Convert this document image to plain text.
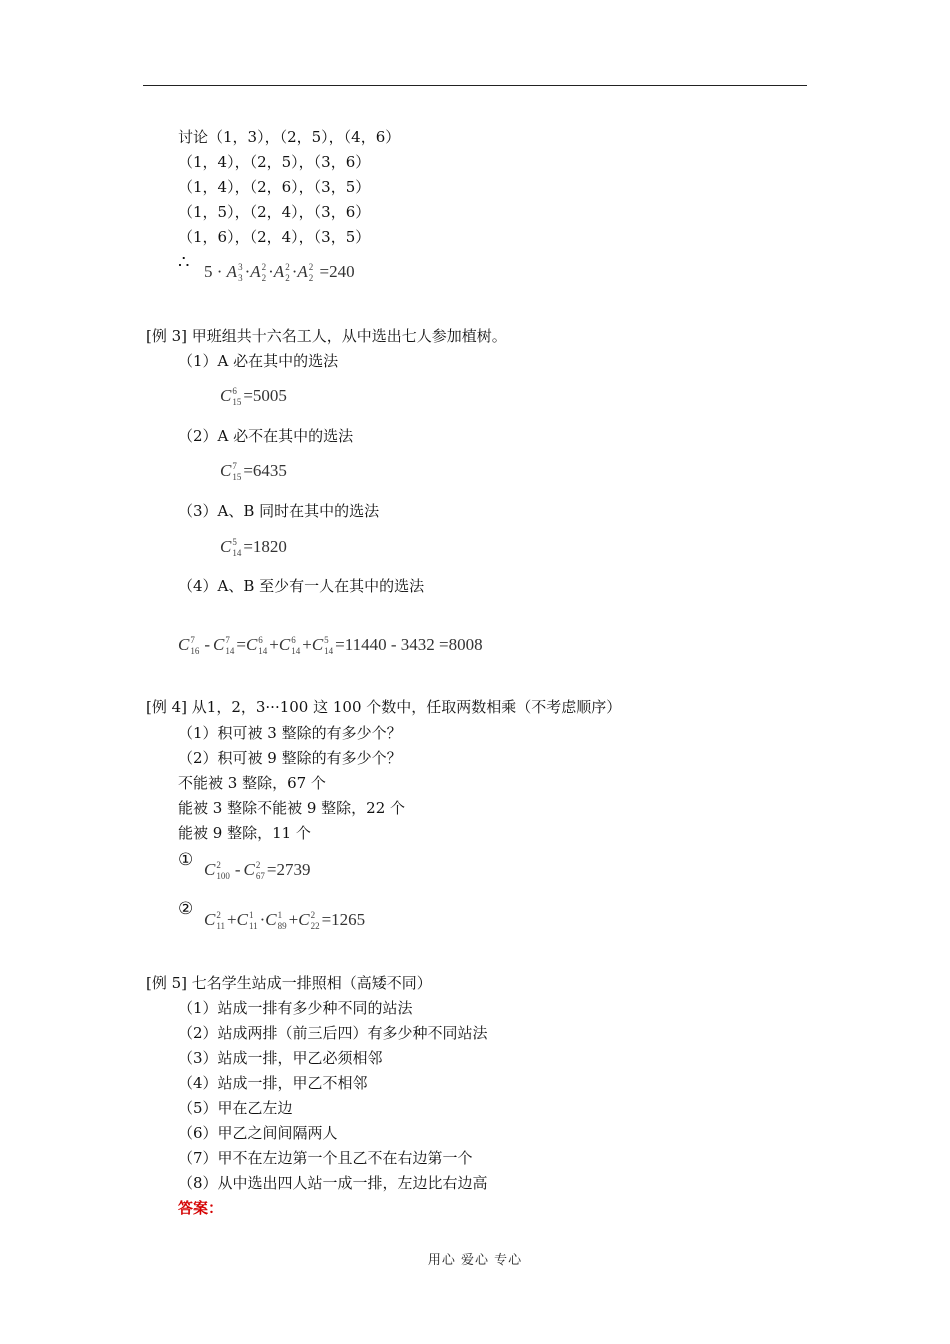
讨论（1，3），（2，5），（4，6）
（1，4），（2，5），（3，6）
（1，4），（2，6），（3，5）
（1，5），（2，4），（3，6）
（1，6），（2，4），（3，5）
∴ 5 · A 3
3 ·A 2
2 ·A 2
2 ·A 2
2 =240
[例 3] 甲班组共十六名工人，从中选出七人参加植树。
（1）A 必在其中的选法
C 6
15 =5005
（2）A 必不在其中的选法
C 7
15 =6435
（3）A、B 同时在其中的选法
C 5
14 =1820
（4）A、B 至少有一人在其中的选法
C 7
16 - C 7
14 =C 6
14 +C 6
14 +C 5
14 =11440 - 3432 =8008
[例 4] 从1，2，3···100 这 100 个数中，任取两数相乘（不考虑顺序）
（1）积可被 3 整除的有多少个？
（2）积可被 9 整除的有多少个？
不能被 3 整除，67 个
能被 3 整除不能被 9 整除，22 个
能被 9 整除，11 个
① C 2
100 - C 2
67 =2739
②
C 2
11 +C 1
11 ·C 1
89 +C 2
22 =1265
[例 5] 七名学生站成一排照相（高矮不同）
（1）站成一排有多少种不同的站法
（2）站成两排（前三后四）有多少种不同站法
（3）站成一排，甲乙必须相邻
（4）站成一排，甲乙不相邻
（5）甲在乙左边
（6）甲乙之间间隔两人
（7）甲不在左边第一个且乙不在右边第一个
（8）从中选出四人站一成一排，左边比右边高
答案：
用心 爱心 专心
